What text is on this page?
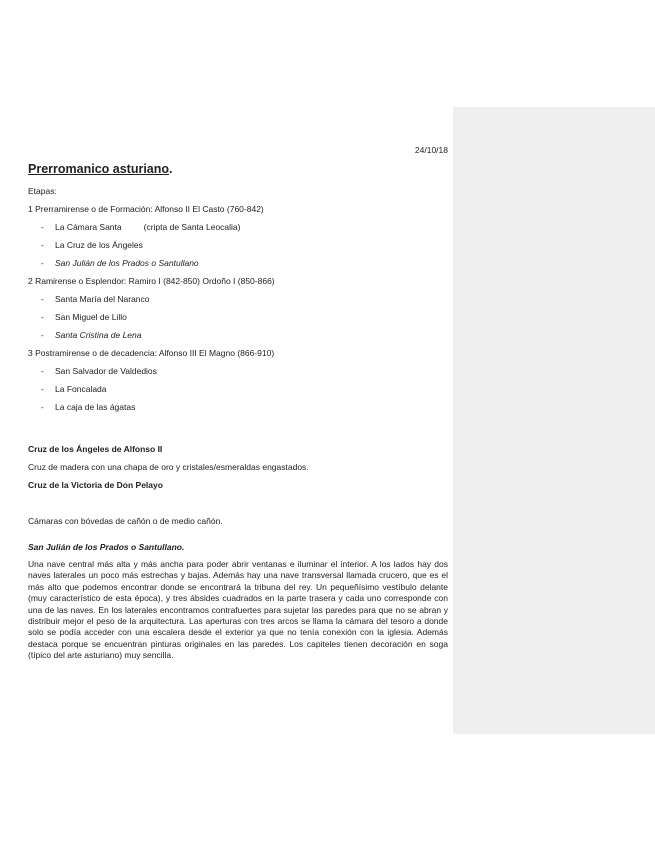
24/10/18
Prerromanico asturiano.
Etapas:
1 Prerramirense o de Formación: Alfonso II El Casto (760-842)
- La Cámara Santa	(cripta de Santa Leocalia)
- La Cruz de los Ángeles
- San Julián de los Prados o Santullano
2 Ramirense o Esplendor: Ramiro I (842-850) Ordoño I (850-866)
- Santa María del Naranco
- San Miguel de Lillo
- Santa Cristina de Lena
3 Postramirense o de decadencia: Alfonso III El Magno (866-910)
- San Salvador de Valdedios
- La Foncalada
- La caja de las ágatas
Cruz de los Ángeles de Alfonso II
Cruz de madera con una chapa de oro y cristales/esmeraldas engastados.
Cruz de la Victoria de Don Pelayo
Cámaras con bóvedas de cañón o de medio cañón.
San Julián de los Prados o Santullano.
Una nave central más alta y más ancha para poder abrir ventanas e iluminar el interior. A los lados hay dos naves laterales un poco más estrechas y bajas. Además hay una nave transversal llamada crucero, que es el más alto que podemos encontrar donde se encontrará la tribuna del rey. Un pequeñísimo vestíbulo delante (muy característico de esta época), y tres ábsides cuadrados en la parte trasera y cada uno corresponde con una de las naves. En los laterales encontramos contrafuertes para sujetar las paredes para que no se abran y distribuir mejor el peso de la arquitectura. Las aperturas con tres arcos se llama la cámara del tesoro a donde solo se podía acceder con una escalera desde el exterior ya que no tenía conexión con la iglesia. Además destaca porque se encuentran pinturas originales en las paredes. Los capiteles tienen decoración en soga (típico del arte asturiano) muy sencilla.
